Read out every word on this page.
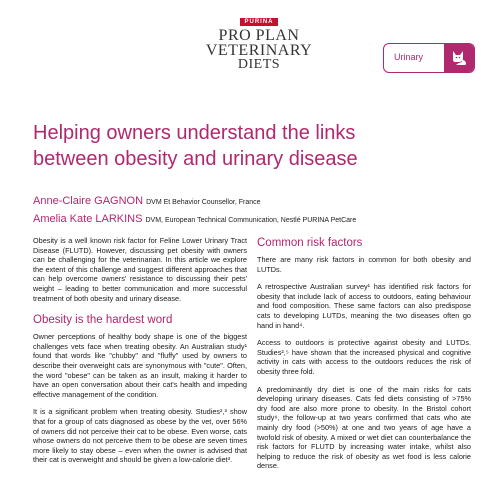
PURINA
PRO PLAN
VETERINARY
DIETS	Urinary
Helping owners understand the links
between obesity and urinary disease
Anne-Claire GAGNON DVM Et Behavior Counsellor, France
Amelia Kate LARKINS DVM, European Technical Communication, Nestlé PURINA PetCare

Obesity is a well known risk factor for Feline Lower Urinary Tract Disease (FLUTD). However, discussing pet obesity with owners can be challenging for the veterinarian. In this article we explore the extent of this challenge and suggest different approaches that can help overcome owners' resistance to discussing their pets' weight – leading to better communication and more successful treatment of both obesity and urinary disease.

Obesity is the hardest word

Owner perceptions of healthy body shape is one of the biggest challenges vets face when treating obesity. An Australian study¹ found that words like "chubby" and "fluffy" used by owners to describe their overweight cats are synonymous with "cute". Often, the word "obese" can be taken as an insult, making it harder to have an open conversation about their cat's health and impeding effective management of the condition.

It is a significant problem when treating obesity. Studies²,³ show that for a group of cats diagnosed as obese by the vet, over 56% of owners did not perceive their cat to be obese. Even worse, cats whose owners do not perceive them to be obese are seven times more likely to stay obese – even when the owner is advised that their cat is overweight and should be given a low-calorie diet³.

Common risk factors

There are many risk factors in common for both obesity and LUTDs.

A retrospective Australian survey¹ has identified risk factors for obesity that include lack of access to outdoors, eating behaviour and food composition. These same factors can also predispose cats to developing LUTDs, meaning the two diseases often go hand in hand⁴.

Access to outdoors is protective against obesity and LUTDs. Studies²,⁵ have shown that the increased physical and cognitive activity in cats with access to the outdoors reduces the risk of obesity three fold.

A predominantly dry diet is one of the main risks for cats developing urinary diseases. Cats fed diets consisting of >75% dry food are also more prone to obesity. In the Bristol cohort study⁶, the follow-up at two years confirmed that cats who ate mainly dry food (>50%) at one and two years of age have a twofold risk of obesity. A mixed or wet diet can counterbalance the risk factors for FLUTD by increasing water intake, whilst also helping to reduce the risk of obesity as wet food is less calorie dense.
